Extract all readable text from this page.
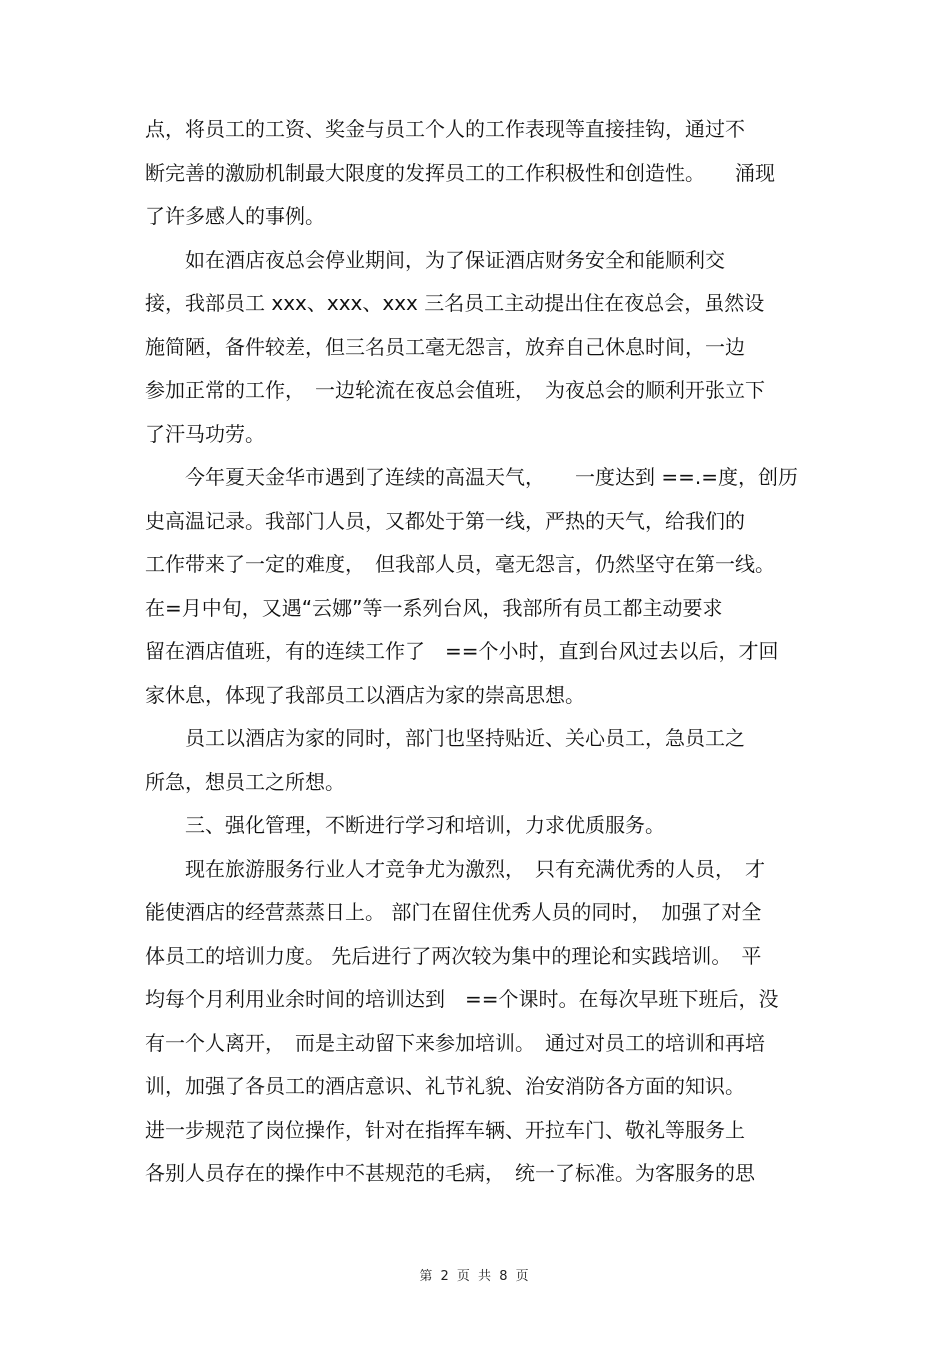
点，将员工的工资、奖金与员工个人的工作表现等直接挂钩，通过不
断完善的激励机制最大限度的发挥员工的工作积极性和创造性。　　涌现
了许多感人的事例。
　　如在酒店夜总会停业期间，为了保证酒店财务安全和能顺利交
接，我部员工 xxx、xxx、xxx 三名员工主动提出住在夜总会，虽然设
施简陋，备件较差，但三名员工毫无怨言，放弃自己休息时间，一边
参加正常的工作，　一边轮流在夜总会值班，　为夜总会的顺利开张立下
了汗马功劳。
　　今年夏天金华市遇到了连续的高温天气，　　一度达到 ==.=度，创历
史高温记录。我部门人员，又都处于第一线，严热的天气，给我们的
工作带来了一定的难度，　但我部人员，毫无怨言，仍然坚守在第一线。
在=月中旬，又遇“云娜”等一系列台风，我部所有员工都主动要求
留在酒店值班，有的连续工作了　==个小时，直到台风过去以后，才回
家休息，体现了我部员工以酒店为家的崇高思想。
　　员工以酒店为家的同时，部门也坚持贴近、关心员工，急员工之
所急，想员工之所想。
　　三、强化管理，不断进行学习和培训，力求优质服务。
　　现在旅游服务行业人才竞争尤为激烈，　只有充满优秀的人员，　才
能使酒店的经营蒸蒸日上。 部门在留住优秀人员的同时，　加强了对全
体员工的培训力度。 先后进行了两次较为集中的理论和实践培训。　平
均每个月利用业余时间的培训达到　==个课时。在每次早班下班后，没
有一个人离开，　而是主动留下来参加培训。　通过对员工的培训和再培
训，加强了各员工的酒店意识、礼节礼貌、治安消防各方面的知识。
进一步规范了岗位操作，针对在指挥车辆、开拉车门、敬礼等服务上
各别人员存在的操作中不甚规范的毛病，　统一了标准。为客服务的思
第 2 页 共 8 页
